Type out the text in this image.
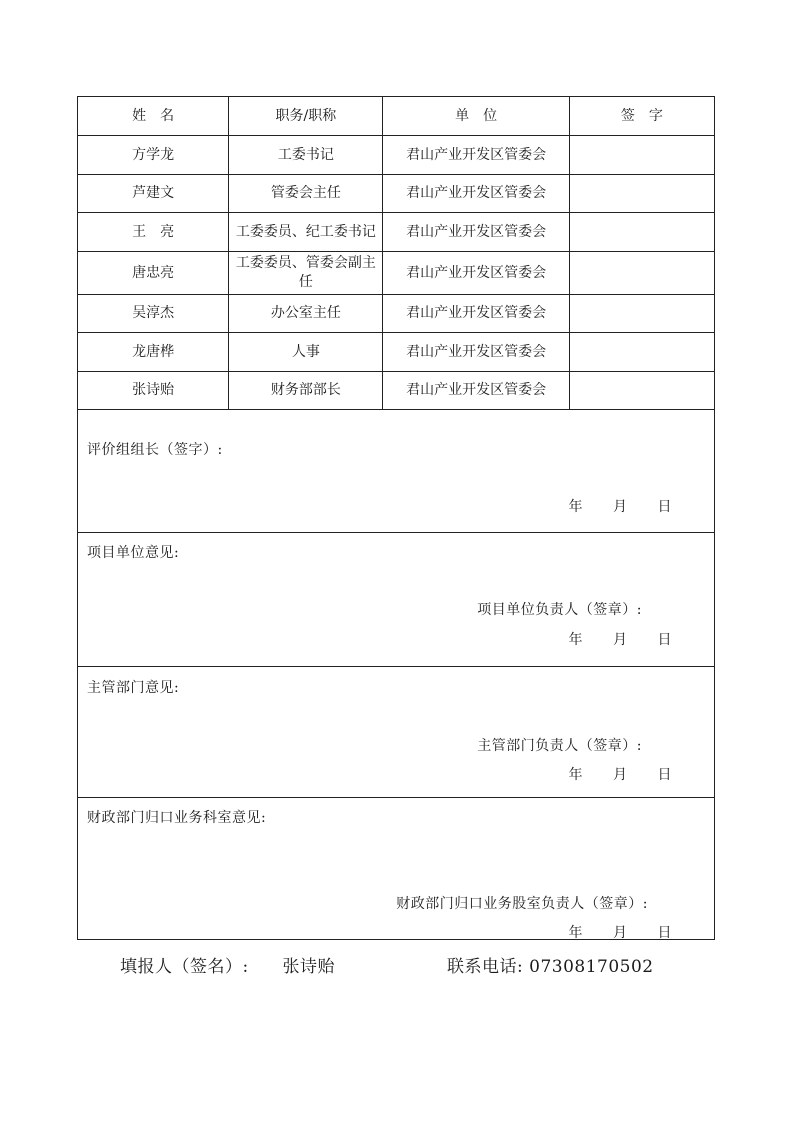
姓　名	职务/职称	单　位	签　字
方学龙	工委书记	君山产业开发区管委会	
芦建文	管委会主任	君山产业开发区管委会	
王　亮	工委委员、纪工委书记	君山产业开发区管委会	
唐忠亮	工委委员、管委会副主任	君山产业开发区管委会	
吴淳杰	办公室主任	君山产业开发区管委会	
龙唐桦	人事	君山产业开发区管委会	
张诗贻	财务部部长	君山产业开发区管委会	
评价组组长（签字）:
年 月 日
项目单位意见:
项目单位负责人（签章）:
年 月 日
主管部门意见:
主管部门负责人（签章）:
年 月 日
财政部门归口业务科室意见:
财政部门归口业务股室负责人（签章）:
年 月 日
填报人（签名）: 张诗贻	联系电话: 07308170502
